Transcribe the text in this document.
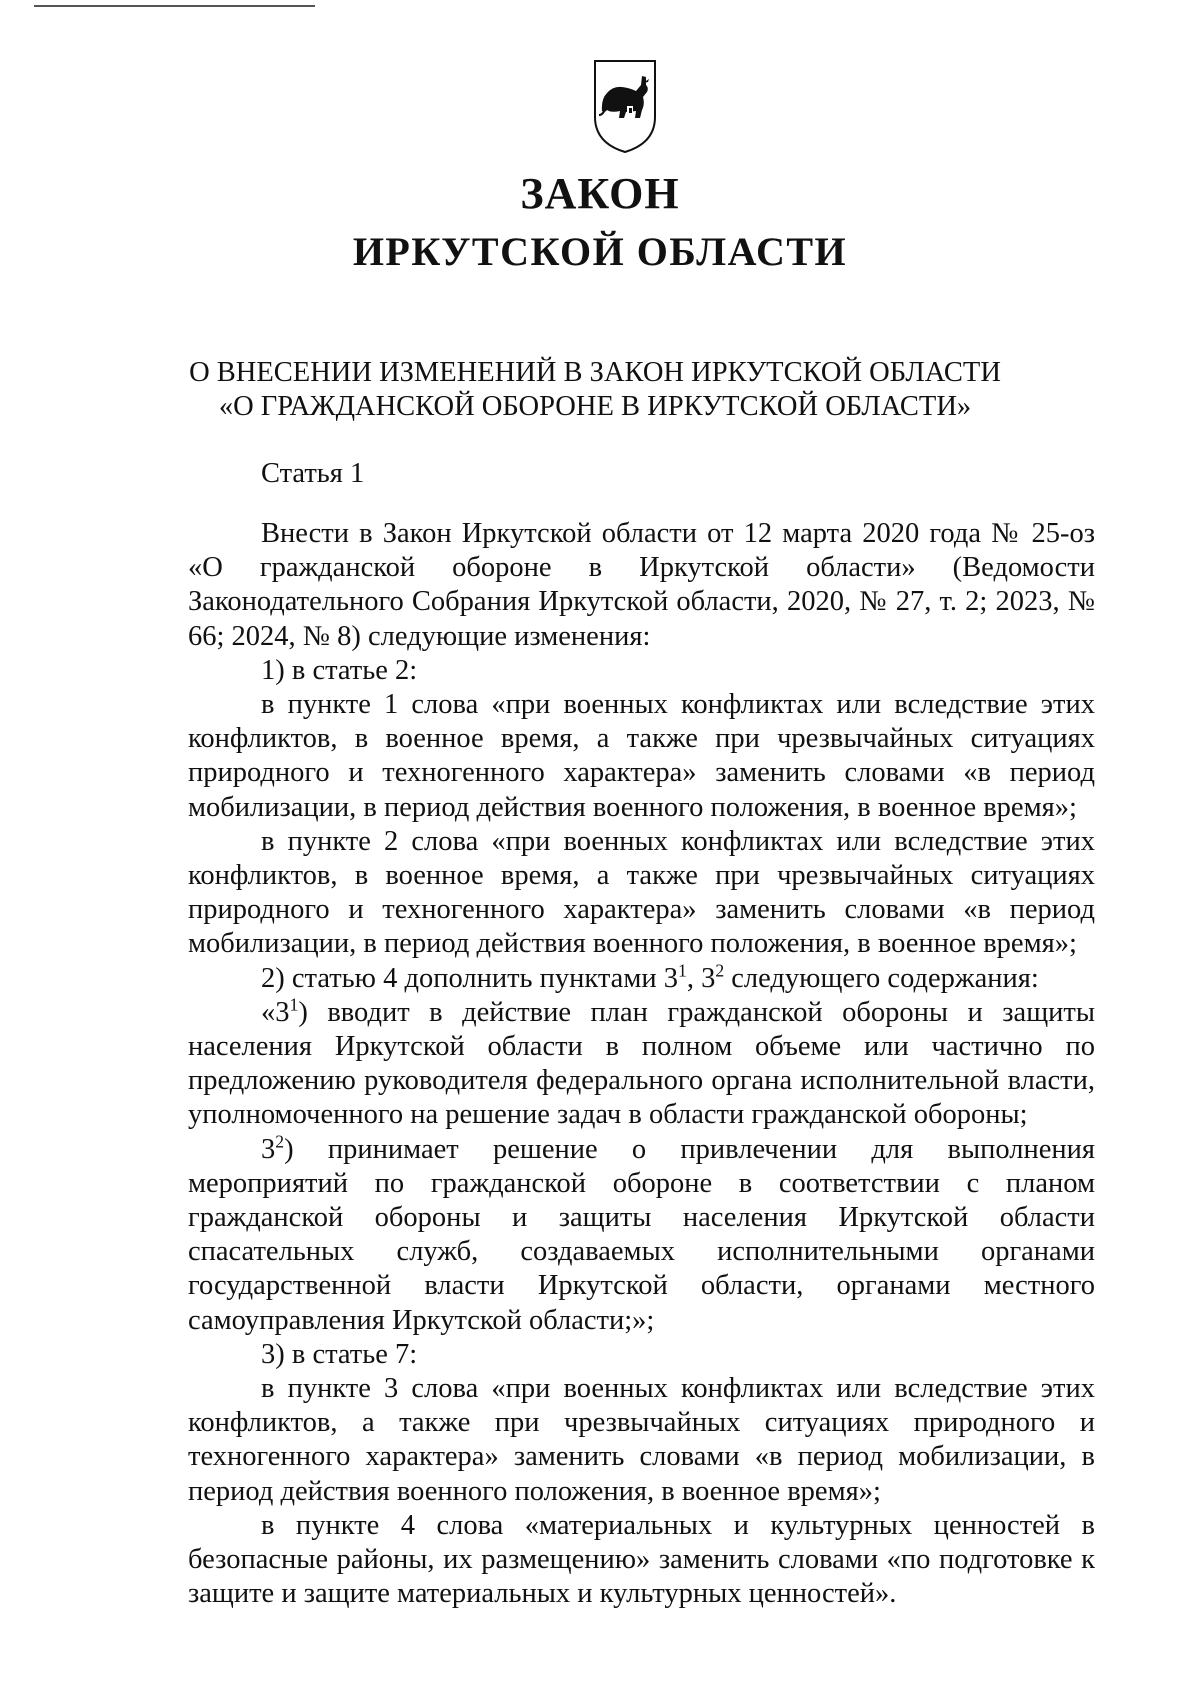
ЗАКОН
ИРКУТСКОЙ ОБЛАСТИ
О ВНЕСЕНИИ ИЗМЕНЕНИЙ В ЗАКОН ИРКУТСКОЙ ОБЛАСТИ
«О ГРАЖДАНСКОЙ ОБОРОНЕ В ИРКУТСКОЙ ОБЛАСТИ»
Статья 1

Внести в Закон Иркутской области от 12 марта 2020 года № 25-оз «О гражданской обороне в Иркутской области» (Ведомости Законодательного Собрания Иркутской области, 2020, № 27, т. 2; 2023, № 66; 2024, № 8) следующие изменения:

1) в статье 2:

в пункте 1 слова «при военных конфликтах или вследствие этих конфликтов, в военное время, а также при чрезвычайных ситуациях природного и техногенного характера» заменить словами «в период мобилизации, в период действия военного положения, в военное время»;

в пункте 2 слова «при военных конфликтах или вследствие этих конфликтов, в военное время, а также при чрезвычайных ситуациях природного и техногенного характера» заменить словами «в период мобилизации, в период действия военного положения, в военное время»;

2) статью 4 дополнить пунктами $3^1$, $3^2$ следующего содержания:

«$3^1$) вводит в действие план гражданской обороны и защиты населения Иркутской области в полном объеме или частично по предложению руководителя федерального органа исполнительной власти, уполномоченного на решение задач в области гражданской обороны;

$3^2$) принимает решение о привлечении для выполнения мероприятий по гражданской обороне в соответствии с планом гражданской обороны и защиты населения Иркутской области спасательных служб, создаваемых исполнительными органами государственной власти Иркутской области, органами местного самоуправления Иркутской области;»;

3) в статье 7:

в пункте 3 слова «при военных конфликтах или вследствие этих конфликтов, а также при чрезвычайных ситуациях природного и техногенного характера» заменить словами «в период мобилизации, в период действия военного положения, в военное время»;

в пункте 4 слова «материальных и культурных ценностей в безопасные районы, их размещению» заменить словами «по подготовке к защите и защите материальных и культурных ценностей».
